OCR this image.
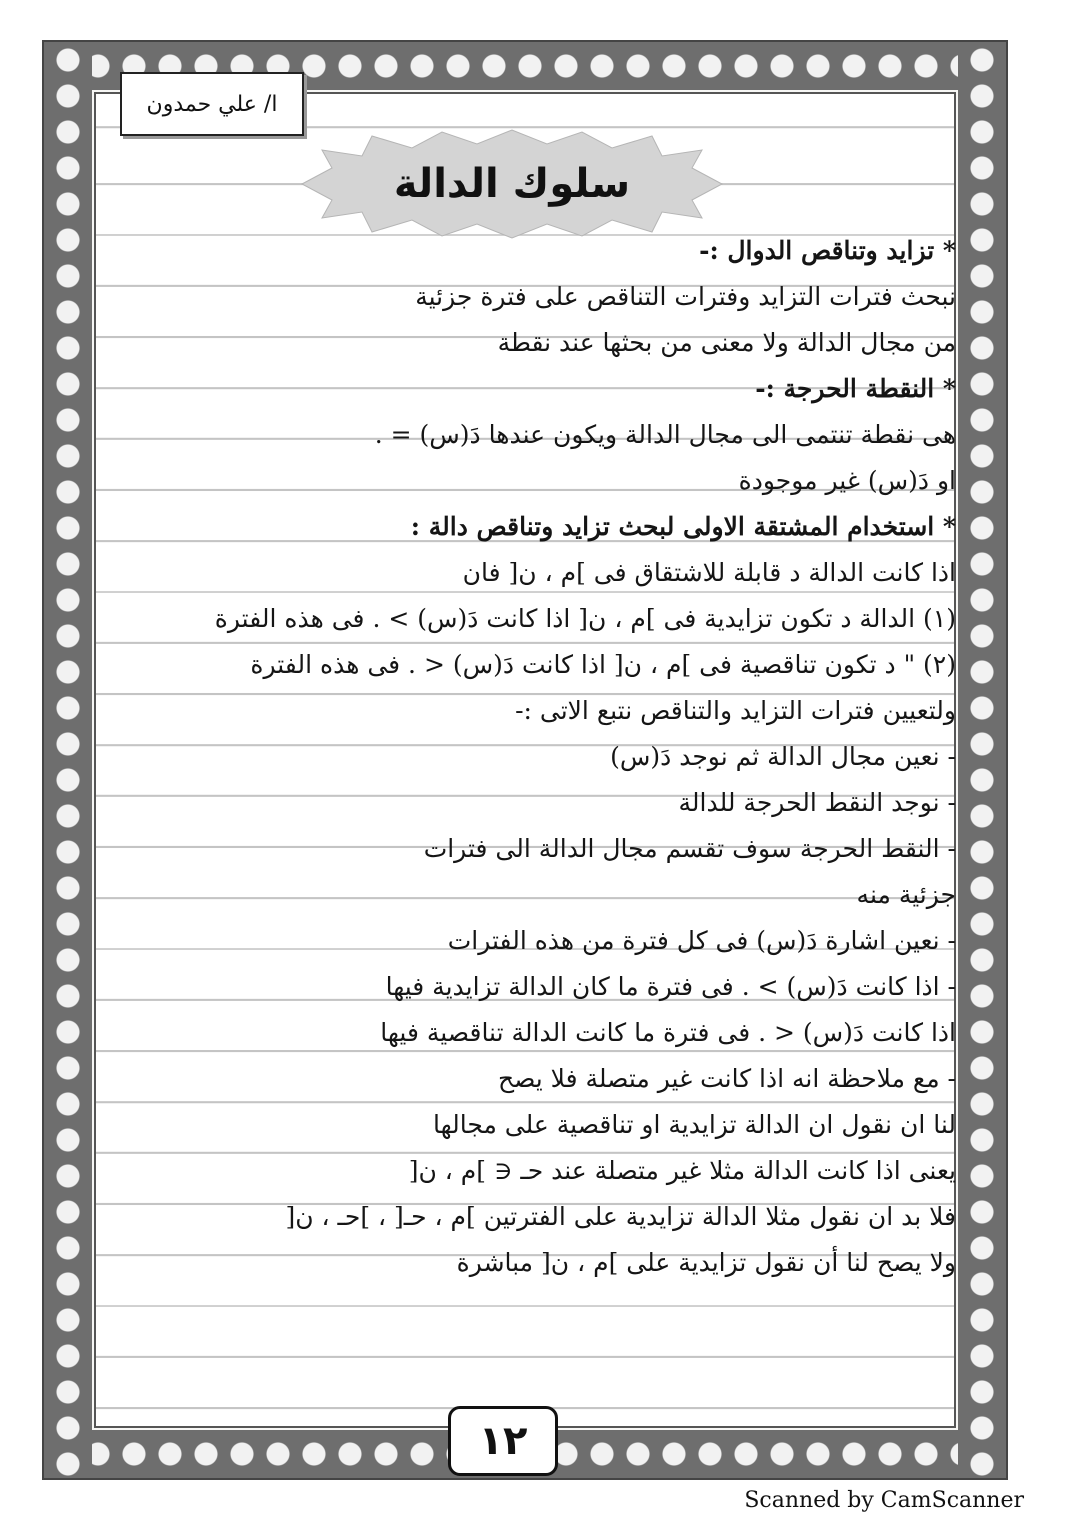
ا/ علي حمدون
سلوك الدالة
* تزايد وتناقص الدوال :-
نبحث فترات التزايد وفترات التناقص على فترة جزئية
من مجال الدالة ولا معنى من بحثها عند نقطة
* النقطة الحرجة :-
هى نقطة تنتمى الى مجال الدالة ويكون عندها دَ(س) = .
او دَ(س) غير موجودة
* استخدام المشتقة الاولى لبحث تزايد وتناقص دالة :
اذا كانت الدالة د قابلة للاشتقاق فى ]م ، ن[ فان
(١) الدالة د تكون تزايدية فى ]م ، ن[ اذا كانت دَ(س) > . فى هذه الفترة
(٢) " د تكون تناقصية فى ]م ، ن[ اذا كانت دَ(س) < . فى هذه الفترة
ولتعيين فترات التزايد والتناقص نتبع الاتى :-
- نعين مجال الدالة ثم نوجد دَ(س)
- نوجد النقط الحرجة للدالة
- النقط الحرجة سوف تقسم مجال الدالة الى فترات
جزئية منه
- نعين اشارة دَ(س) فى كل فترة من هذه الفترات
- اذا كانت دَ(س) > . فى فترة ما كان الدالة تزايدية فيها
اذا كانت دَ(س) < . فى فترة ما كانت الدالة تناقصية فيها
- مع ملاحظة انه اذا كانت غير متصلة فلا يصح
لنا ان نقول ان الدالة تزايدية او تناقصية على مجالها
يعنى اذا كانت الدالة مثلا غير متصلة عند حـ ∈ ]م ، ن[
فلا بد ان نقول مثلا الدالة تزايدية على الفترتين ]م ، حـ[ ، ]حـ ، ن[
ولا يصح لنا أن نقول تزايدية على ]م ، ن[ مباشرة
١٢
Scanned by CamScanner
